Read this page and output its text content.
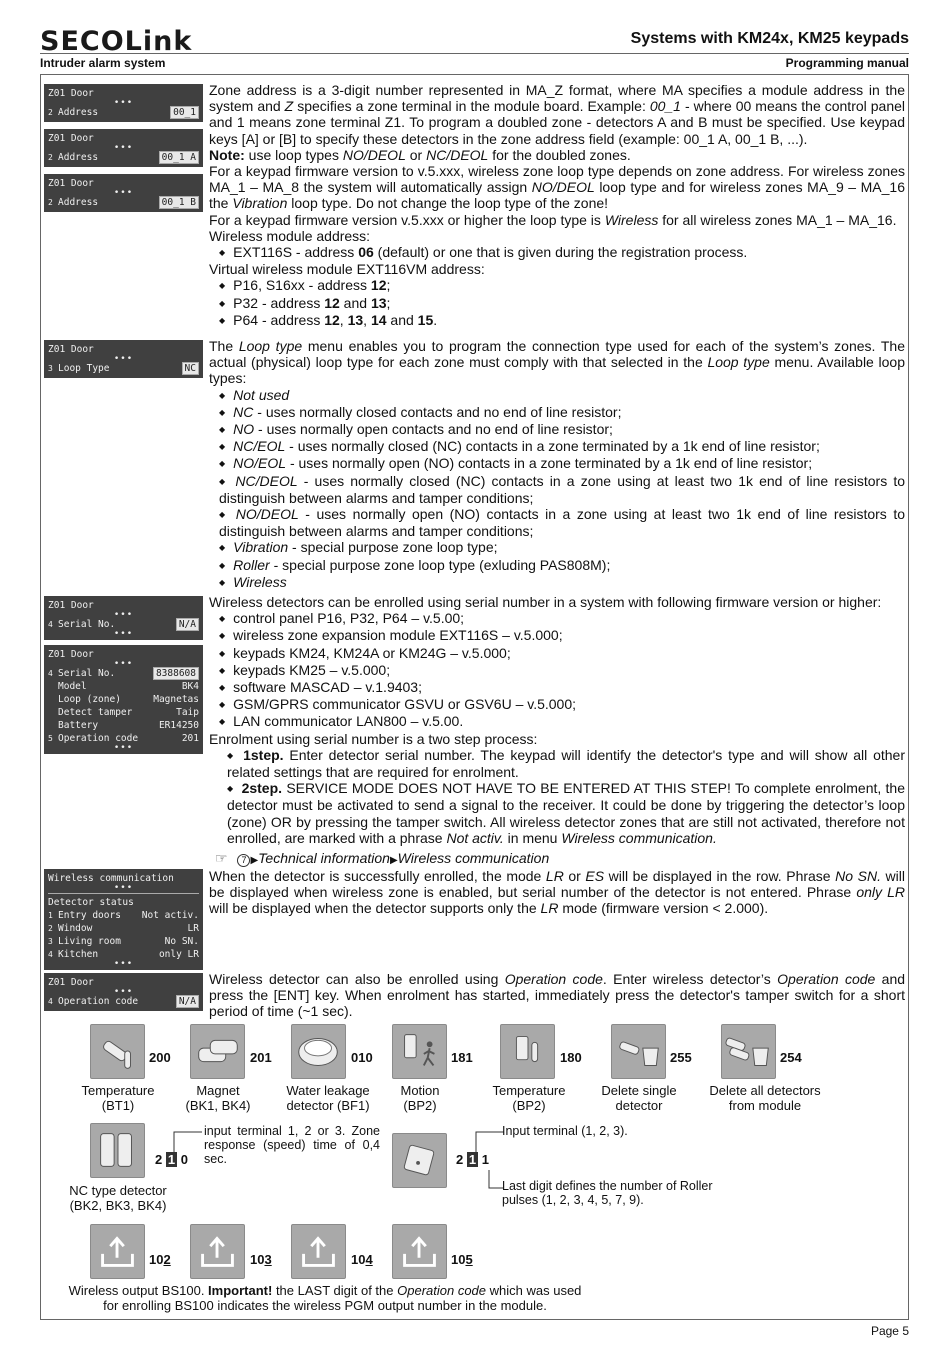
SECOLink	Systems with KM24x, KM25 keypads
Intruder alarm system	Programming manual
Z01 Door
•••
2 Address	00_1
Z01 Door
•••
2 Address	00_1 A
Z01 Door
•••
2 Address	00_1 B

Zone address is a 3-digit number represented in MA_Z format, where MA specifies a module address in the system and Z specifies a zone terminal in the module board. Example: 00_1 - where 00 means the control panel and 1 means zone terminal Z1. To program a doubled zone - detectors A and B must be specified. Use keypad keys [A] or [B] to specify these detectors in the zone address field (example: 00_1 A, 00_1 B, ...).

Note: use loop types NO/DEOL or NC/DEOL for the doubled zones.

For a keypad firmware version to v.5.xxx, wireless zone loop type depends on zone address. For wireless zones MA_1 – MA_8 the system will automatically assign NO/DEOL loop type and for wireless zones MA_9 – MA_16 the Vibration loop type. Do not change the loop type of the zone!

For a keypad firmware version v.5.xxx or higher the loop type is Wireless for all wireless zones MA_1 – MA_16.

Wireless module address:

◆ EXT116S - address 06 (default) or one that is given during the registration process.

Virtual wireless module EXT116VM address:

◆ P16, S16xx - address 12;
◆ P32 - address 12 and 13;
◆ P64 - address 12, 13, 14 and 15.
Z01 Door
•••
3 Loop Type	NC

The Loop type menu enables you to program the connection type used for each of the system’s zones. The actual (physical) loop type for each zone must comply with that selected in the Loop type menu. Available loop types:

◆ Not used
◆ NC - uses normally closed contacts and no end of line resistor;
◆ NO - uses normally open contacts and no end of line resistor;
◆ NC/EOL - uses normally closed (NC) contacts in a zone terminated by a 1k end of line resistor;
◆ NO/EOL - uses normally open (NO) contacts in a zone terminated by a 1k end of line resistor;

◆ NC/DEOL - uses normally closed (NC) contacts in a zone using at least two 1k end of line resistors to distinguish between alarms and tamper conditions;

◆ NO/DEOL - uses normally open (NO) contacts in a zone using at least two 1k end of line resistors to distinguish between alarms and tamper conditions;

◆ Vibration - special purpose zone loop type;
◆ Roller - special purpose zone loop type (exluding PAS808M);
◆ Wireless
Z01 Door
•••
4 Serial No.	N/A
•••
Z01 Door
•••
4 Serial No.	8388608
Model	BK4
Loop (zone)	Magnetas
Detect tamper	Taip
Battery	ER14250
5 Operation code	201
•••

Wireless detectors can be enrolled using serial number in a system with following firmware version or higher:

◆ control panel P16, P32, P64 – v.5.00;
◆ wireless zone expansion module EXT116S – v.5.000;
◆ keypads KM24, KM24A or KM24G – v.5.000;
◆ keypads KM25 – v.5.000;
◆ software MASCAD – v.1.9403;
◆ GSM/GPRS communicator GSVU or GSV6U – v.5.000;
◆ LAN communicator LAN800 – v.5.00.

Enrolment using serial number is a two step process:

◆ 1step. Enter detector serial number. The keypad will identify the detector's type and will show all other related settings that are required for enrolment.

◆ 2step. SERVICE MODE DOES NOT HAVE TO BE ENTERED AT THIS STEP! To complete enrolment, the detector must be activated to send a signal to the receiver. It could be done by triggering the detector’s loop (zone) OR by pressing the tamper switch. All wireless detector zones that are still not activated, therefore not enrolled, are marked with a phrase Not activ. in menu Wireless communication.

☞ 7 ▶Technical information▶Wireless communication
Wireless communication
•••
Detector status
1 Entry doors Not activ.
2 Window	LR
3 Living room	No SN.
4 Kitchen	only LR
•••

When the detector is successfully enrolled, the mode LR or ES will be displayed in the row. Phrase No SN. will be displayed when wireless zone is enabled, but serial number of the detector is not entered. Phrase only LR will be displayed when the detector supports only the LR mode (firmware version < 2.000).

Z01 Door
•••
4 Operation code	N/A

Wireless detector can also be enrolled using Operation code. Enter wireless detector’s Operation code and press the [ENT] key. When enrolment has started, immediately press the detector's tamper switch for a short period of time (~1 sec).

200
Temperature
(BT1)
201
Magnet
(BK1, BK4)
010
Water leakage
detector (BF1)
181
Motion
(BP2)
180
Temperature
(BP2)
255
Delete single
detector
254
Delete all detectors
from module
2 1 0
input terminal 1, 2 or 3. Zone response (speed) time of 0,4 sec.
NC type detector
(BK2, BK3, BK4)
2 1 1
Input terminal (1, 2, 3).
Last digit defines the number of Roller pulses (1, 2, 3, 4, 5, 7, 9).
102	103	104	105
Wireless output BS100. Important! the LAST digit of the Operation code which was used for enrolling BS100 indicates the wireless PGM output number in the module.
Page 5
